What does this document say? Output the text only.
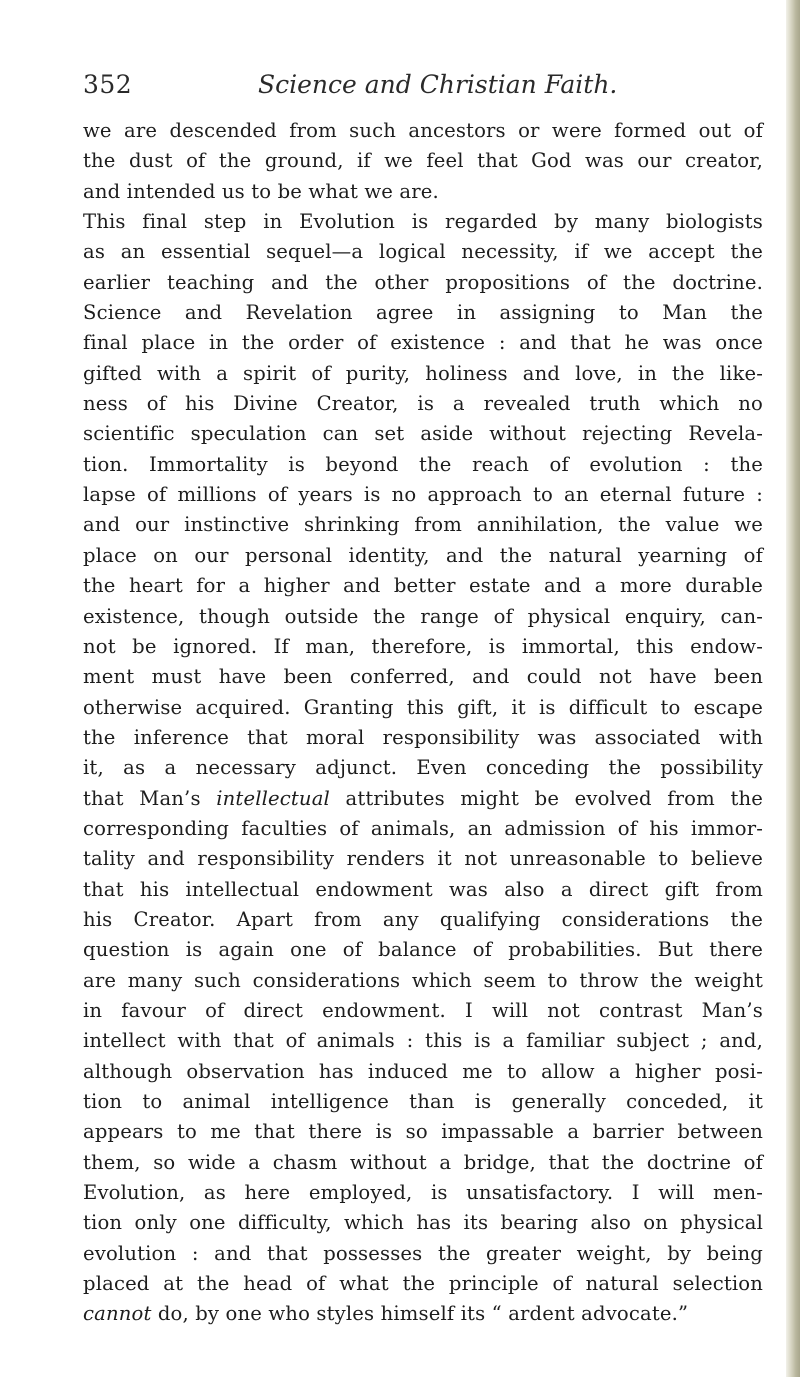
352	Science and Christian Faith.
we are descended from such ancestors or were formed out of
the dust of the ground, if we feel that God was our creator,
and intended us to be what we are.
This final step in Evolution is regarded by many biologists
as an essential sequel—a logical necessity, if we accept the
earlier teaching and the other propositions of the doctrine.
Science and Revelation agree in assigning to Man the
final place in the order of existence : and that he was once
gifted with a spirit of purity, holiness and love, in the like-
ness of his Divine Creator, is a revealed truth which no
scientific speculation can set aside without rejecting Revela-
tion. Immortality is beyond the reach of evolution : the
lapse of millions of years is no approach to an eternal future :
and our instinctive shrinking from annihilation, the value we
place on our personal identity, and the natural yearning of
the heart for a higher and better estate and a more durable
existence, though outside the range of physical enquiry, can-
not be ignored. If man, therefore, is immortal, this endow-
ment must have been conferred, and could not have been
otherwise acquired. Granting this gift, it is difficult to escape
the inference that moral responsibility was associated with
it, as a necessary adjunct. Even conceding the possibility
that Man’s intellectual attributes might be evolved from the
corresponding faculties of animals, an admission of his immor-
tality and responsibility renders it not unreasonable to believe
that his intellectual endowment was also a direct gift from
his Creator. Apart from any qualifying considerations the
question is again one of balance of probabilities. But there
are many such considerations which seem to throw the weight
in favour of direct endowment. I will not contrast Man’s
intellect with that of animals : this is a familiar subject ; and,
although observation has induced me to allow a higher posi-
tion to animal intelligence than is generally conceded, it
appears to me that there is so impassable a barrier between
them, so wide a chasm without a bridge, that the doctrine of
Evolution, as here employed, is unsatisfactory. I will men-
tion only one difficulty, which has its bearing also on physical
evolution : and that possesses the greater weight, by being
placed at the head of what the principle of natural selection
cannot do, by one who styles himself its “ ardent advocate.”
